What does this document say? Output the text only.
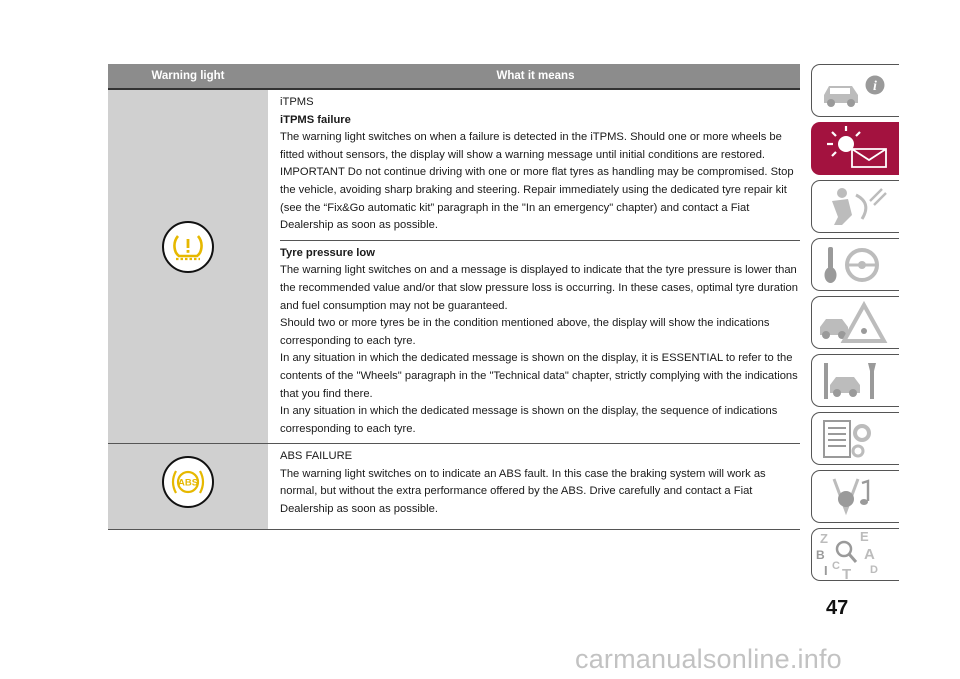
Warning light	What it means

iTPMS

iTPMS failure

The warning light switches on when a failure is detected in the iTPMS. Should one or more wheels be fitted without sensors, the display will show a warning message until initial conditions are restored.

IMPORTANT Do not continue driving with one or more flat tyres as handling may be compromised. Stop the vehicle, avoiding sharp braking and steering. Repair immediately using the dedicated tyre repair kit (see the “Fix&Go automatic kit” paragraph in the "In an emergency" chapter) and contact a Fiat Dealership as soon as possible.

Tyre pressure low

The warning light switches on and a message is displayed to indicate that the tyre pressure is lower than the recommended value and/or that slow pressure loss is occurring. In these cases, optimal tyre duration and fuel consumption may not be guaranteed.

Should two or more tyres be in the condition mentioned above, the display will show the indications corresponding to each tyre.

In any situation in which the dedicated message is shown on the display, it is ESSENTIAL to refer to the contents of the "Wheels" paragraph in the "Technical data" chapter, strictly complying with the indications that you find there.

In any situation in which the dedicated message is shown on the display, the sequence of indications corresponding to each tyre.

ABS

ABS FAILURE

The warning light switches on to indicate an ABS fault. In this case the braking system will work as normal, but without the extra performance offered by the ABS. Drive carefully and contact a Fiat Dealership as soon as possible.

i
Z E
B	A
I C T D
47
carmanualsonline.info
